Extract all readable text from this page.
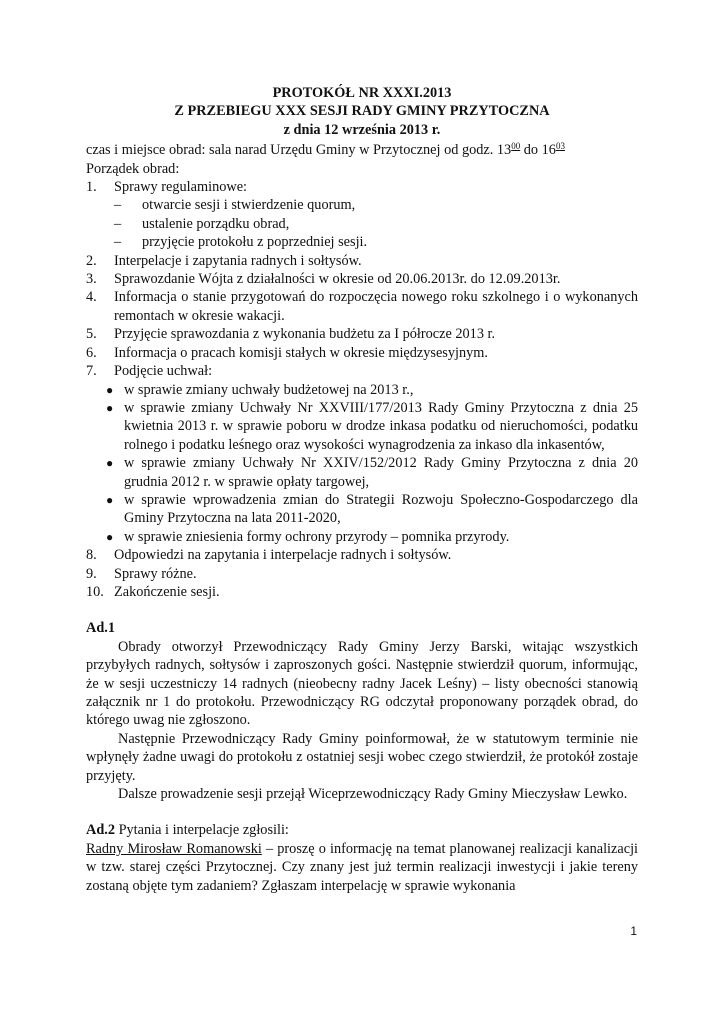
PROTOKÓŁ NR XXXI.2013

Z PRZEBIEGU XXX SESJI RADY GMINY PRZYTOCZNA

z dnia 12 września 2013 r.

czas i miejsce obrad: sala narad Urzędu Gminy w Przytocznej od godz. $13^{00}$ do $16^{03}$

Porządek obrad:

1.	Sprawy regulaminowe:
–	otwarcie sesji i stwierdzenie quorum,
–	ustalenie porządku obrad,
–	przyjęcie protokołu z poprzedniej sesji.
2.	Interpelacje i zapytania radnych i sołtysów.
3.	Sprawozdanie Wójta z działalności w okresie od 20.06.2013r. do 12.09.2013r.
4.	Informacja o stanie przygotowań do rozpoczęcia nowego roku szkolnego i o wykonanych remontach w okresie wakacji.
5.	Przyjęcie sprawozdania z wykonania budżetu za I półrocze 2013 r.
6.	Informacja o pracach komisji stałych w okresie międzysesyjnym.
7.	Podjęcie uchwał:
● w sprawie zmiany uchwały budżetowej na 2013 r.,
● w sprawie zmiany Uchwały Nr XXVIII/177/2013 Rady Gminy Przytoczna z dnia 25 kwietnia 2013 r. w sprawie poboru w drodze inkasa podatku od nieruchomości, podatku rolnego i podatku leśnego oraz wysokości wynagrodzenia za inkaso dla inkasentów,
● w sprawie zmiany Uchwały Nr XXIV/152/2012 Rady Gminy Przytoczna z dnia 20 grudnia 2012 r. w sprawie opłaty targowej,
● w sprawie wprowadzenia zmian do Strategii Rozwoju Społeczno-Gospodarczego dla Gminy Przytoczna na lata 2011-2020,
● w sprawie zniesienia formy ochrony przyrody – pomnika przyrody.
8.	Odpowiedzi na zapytania i interpelacje radnych i sołtysów.
9.	Sprawy różne.
10. Zakończenie sesji.

Ad.1

Obrady otworzył Przewodniczący Rady Gminy Jerzy Barski, witając wszystkich przybyłych radnych, sołtysów i zaproszonych gości. Następnie stwierdził quorum, informując, że w sesji uczestniczy 14 radnych (nieobecny radny Jacek Leśny) – listy obecności stanowią załącznik nr 1 do protokołu. Przewodniczący RG odczytał proponowany porządek obrad, do którego uwag nie zgłoszono.

Następnie Przewodniczący Rady Gminy poinformował, że w statutowym terminie nie wpłynęły żadne uwagi do protokołu z ostatniej sesji wobec czego stwierdził, że protokół zostaje przyjęty.

Dalsze prowadzenie sesji przejął Wiceprzewodniczący Rady Gminy Mieczysław Lewko.

Ad.2 Pytania i interpelacje zgłosili:

Radny Mirosław Romanowski – proszę o informację na temat planowanej realizacji kanalizacji w tzw. starej części Przytocznej. Czy znany jest już termin realizacji inwestycji i jakie tereny zostaną objęte tym zadaniem? Zgłaszam interpelację w sprawie wykonania

1
